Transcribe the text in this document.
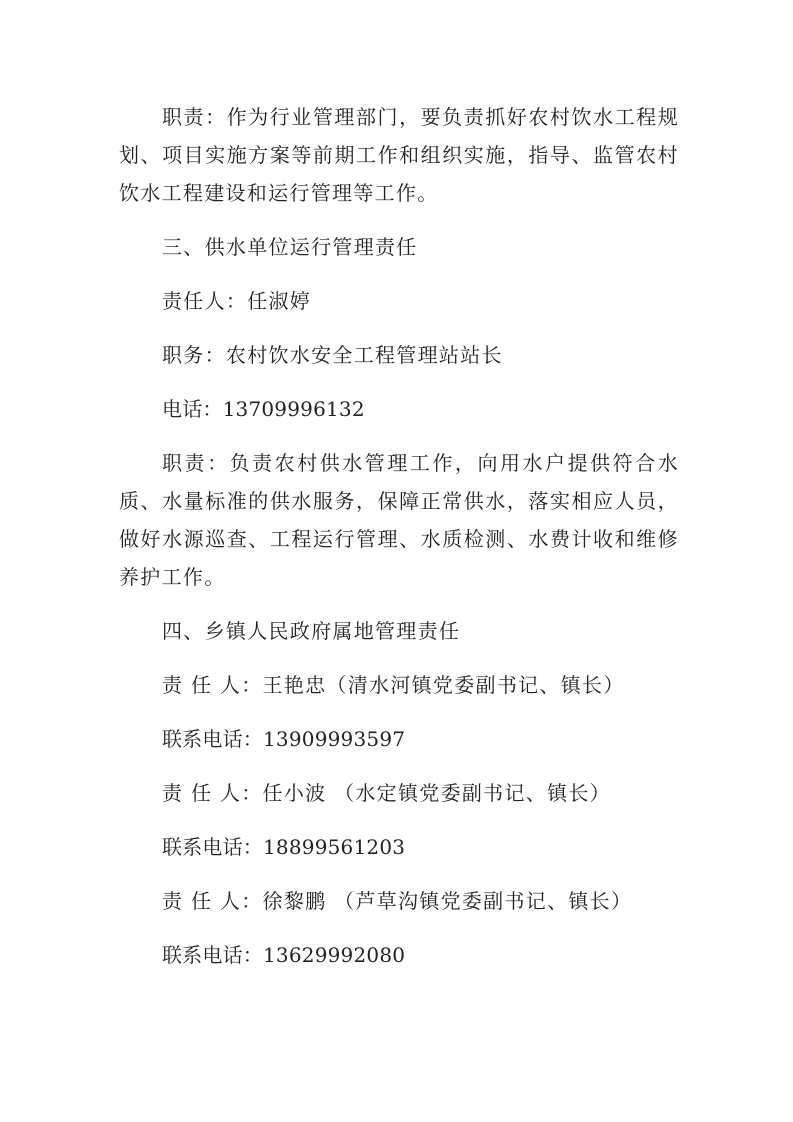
职责：作为行业管理部门，要负责抓好农村饮水工程规划、项目实施方案等前期工作和组织实施，指导、监管农村饮水工程建设和运行管理等工作。

三、供水单位运行管理责任

责任人：任淑婷

职务：农村饮水安全工程管理站站长

电话：13709996132

职责：负责农村供水管理工作，向用水户提供符合水质、水量标准的供水服务，保障正常供水，落实相应人员，做好水源巡查、工程运行管理、水质检测、水费计收和维修养护工作。

四、乡镇人民政府属地管理责任

责 任 人：王艳忠（清水河镇党委副书记、镇长）

联系电话：13909993597

责 任 人：任小波 （水定镇党委副书记、镇长）

联系电话：18899561203

责 任 人：徐黎鹏 （芦草沟镇党委副书记、镇长）

联系电话：13629992080
